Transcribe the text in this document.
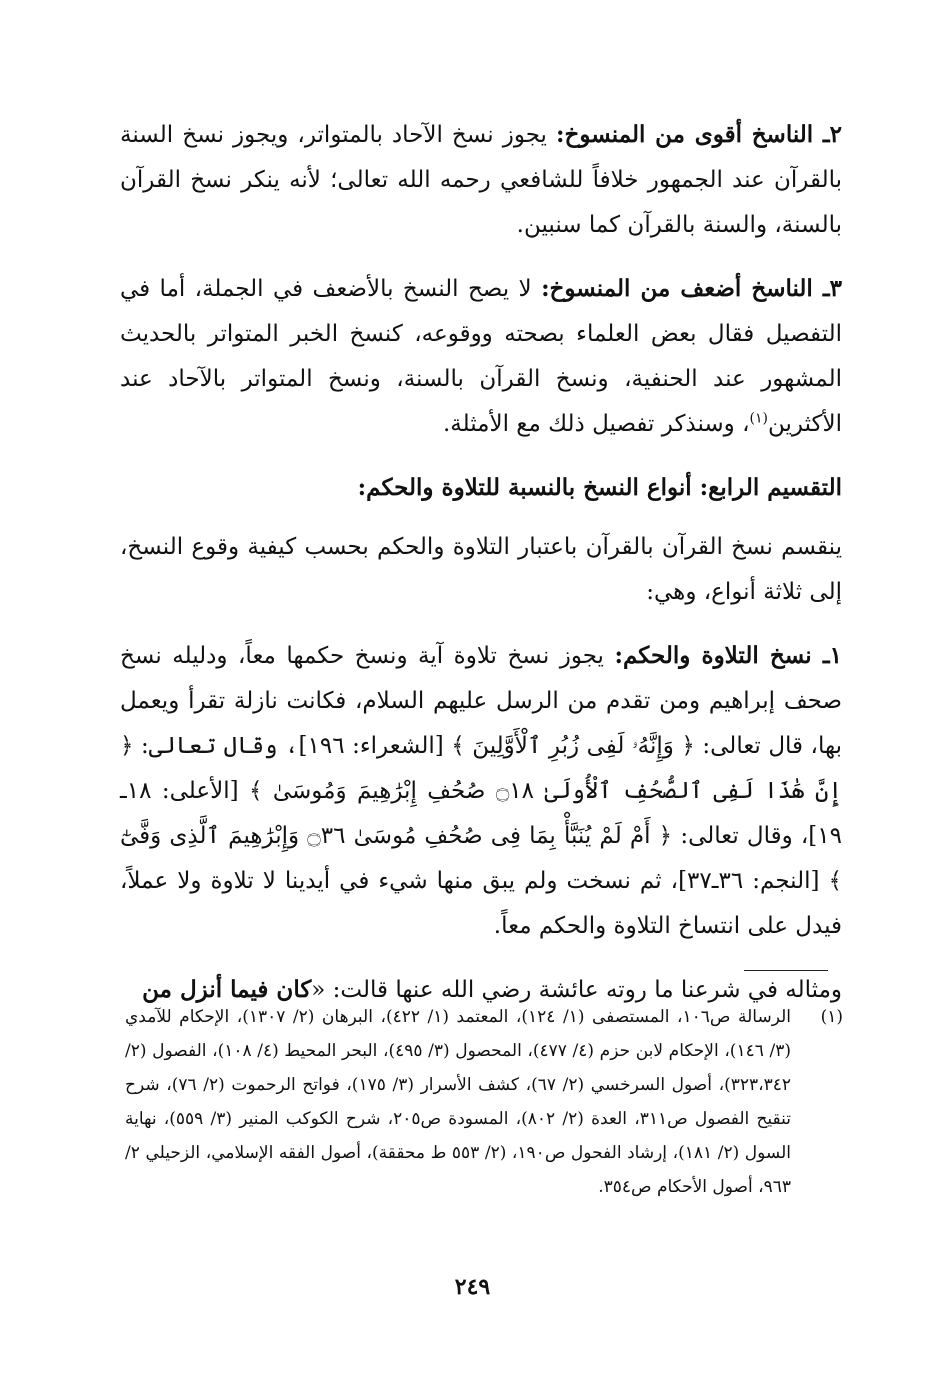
٢ـ الناسخ أقوى من المنسوخ: يجوز نسخ الآحاد بالمتواتر، ويجوز نسخ السنة بالقرآن عند الجمهور خلافاً للشافعي رحمه الله تعالى؛ لأنه ينكر نسخ القرآن بالسنة، والسنة بالقرآن كما سنبين.

٣ـ الناسخ أضعف من المنسوخ: لا يصح النسخ بالأضعف في الجملة، أما في التفصيل فقال بعض العلماء بصحته ووقوعه، كنسخ الخبر المتواتر بالحديث المشهور عند الحنفية، ونسخ القرآن بالسنة، ونسخ المتواتر بالآحاد عند الأكثرين$^{(١)}$، وسنذكر تفصيل ذلك مع الأمثلة.

التقسيم الرابع: أنواع النسخ بالنسبة للتلاوة والحكم:

ينقسم نسخ القرآن بالقرآن باعتبار التلاوة والحكم بحسب كيفية وقوع النسخ، إلى ثلاثة أنواع، وهي:

١ـ نسخ التلاوة والحكم: يجوز نسخ تلاوة آية ونسخ حكمها معاً، ودليله نسخ صحف إبراهيم ومن تقدم من الرسل عليهم السلام، فكانت نازلة تقرأ ويعمل بها، قال تعالى: ﴿ وَإِنَّهُۥ لَفِى زُبُرِ ٱلْأَوَّلِينَ ﴾ [الشعراء: ١٩٦]، وقال تعالى: ﴿ إِنَّ هَٰذَا لَفِى ٱلصُّحُفِ ٱلْأُولَىٰ ۝١٨ صُحُفِ إِبْرَٰهِيمَ وَمُوسَىٰ ﴾ [الأعلى: ١٨ـ ١٩]، وقال تعالى: ﴿ أَمْ لَمْ يُنَبَّأْ بِمَا فِى صُحُفِ مُوسَىٰ ۝٣٦ وَإِبْرَٰهِيمَ ٱلَّذِى وَفَّىٰٓ ﴾ [النجم: ٣٦ـ٣٧]، ثم نسخت ولم يبق منها شيء في أيدينا لا تلاوة ولا عملاً، فيدل على انتساخ التلاوة والحكم معاً.

ومثاله في شرعنا ما روته عائشة رضي الله عنها قالت: «كان فيما أنزل من

(١)
الرسالة ص١٠٦، المستصفى (١/ ١٢٤)، المعتمد (١/ ٤٢٢)، البرهان (٢/ ١٣٠٧)، الإحكام للآمدي (٣/ ١٤٦)، الإحكام لابن حزم (٤/ ٤٧٧)، المحصول (٣/ ٤٩٥)، البحر المحيط (٤/ ١٠٨)، الفصول (٢/ ٣٢٣،٣٤٢)، أصول السرخسي (٢/ ٦٧)، كشف الأسرار (٣/ ١٧٥)، فواتح الرحموت (٢/ ٧٦)، شرح تنقيح الفصول ص٣١١، العدة (٢/ ٨٠٢)، المسودة ص٢٠٥، شرح الكوكب المنير (٣/ ٥٥٩)، نهاية السول (٢/ ١٨١)، إرشاد الفحول ص١٩٠، (٢/ ٥٥٣ ط محققة)، أصول الفقه الإسلامي، الزحيلي ٢/ ٩٦٣، أصول الأحكام ص٣٥٤.
٢٤٩
